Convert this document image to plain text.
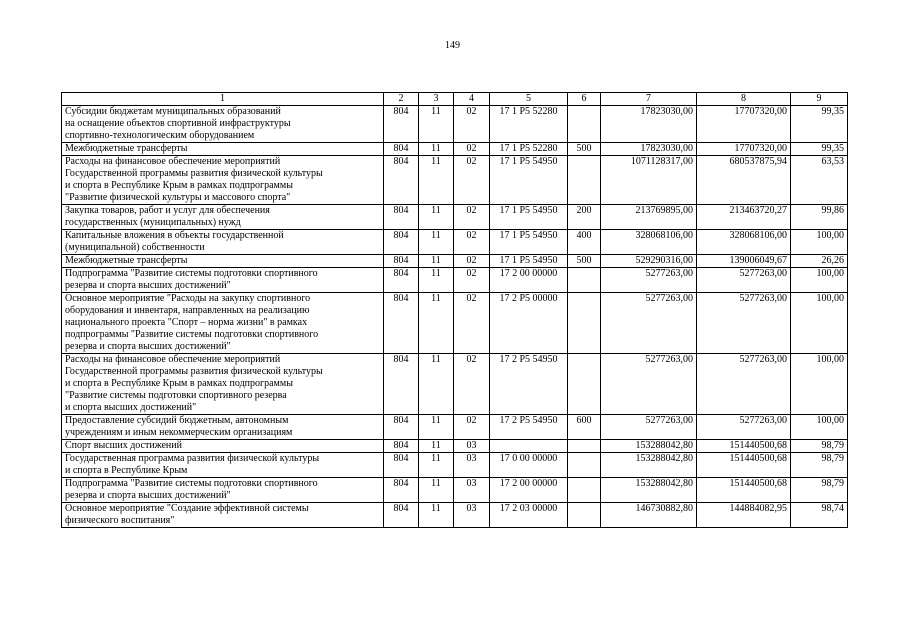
149
1	2	3	4	5	6	7	8	9
Субсидии бюджетам муниципальных образований
на оснащение объектов спортивной инфраструктуры
спортивно-технологическим оборудованием	804	11	02	17 1 P5 52280		17823030,00	17707320,00	99,35
Межбюджетные трансферты	804	11	02	17 1 P5 52280	500	17823030,00	17707320,00	99,35
Расходы на финансовое обеспечение мероприятий
Государственной программы развития физической культуры
и спорта в Республике Крым в рамках подпрограммы
"Развитие физической культуры и массового спорта"	804	11	02	17 1 P5 54950		1071128317,00	680537875,94	63,53
Закупка товаров, работ и услуг для обеспечения
государственных (муниципальных) нужд	804	11	02	17 1 P5 54950	200	213769895,00	213463720,27	99,86
Капитальные вложения в объекты государственной
(муниципальной) собственности	804	11	02	17 1 P5 54950	400	328068106,00	328068106,00	100,00
Межбюджетные трансферты	804	11	02	17 1 P5 54950	500	529290316,00	139006049,67	26,26
Подпрограмма "Развитие системы подготовки спортивного
резерва и спорта высших достижений"	804	11	02	17 2 00 00000		5277263,00	5277263,00	100,00
Основное мероприятие "Расходы на закупку спортивного
оборудования и инвентаря, направленных на реализацию
национального проекта "Спорт – норма жизни" в рамках
подпрограммы "Развитие системы подготовки спортивного
резерва и спорта высших достижений"	804	11	02	17 2 P5 00000		5277263,00	5277263,00	100,00
Расходы на финансовое обеспечение мероприятий
Государственной программы развития физической культуры
и спорта в Республике Крым в рамках подпрограммы
"Развитие системы подготовки спортивного резерва
и спорта высших достижений"	804	11	02	17 2 P5 54950		5277263,00	5277263,00	100,00
Предоставление субсидий бюджетным, автономным
учреждениям и иным некоммерческим организациям	804	11	02	17 2 P5 54950	600	5277263,00	5277263,00	100,00
Спорт высших достижений	804	11	03			153288042,80	151440500,68	98,79
Государственная программа развития физической культуры
и спорта в Республике Крым	804	11	03	17 0 00 00000		153288042,80	151440500,68	98,79
Подпрограмма "Развитие системы подготовки спортивного
резерва и спорта высших достижений"	804	11	03	17 2 00 00000		153288042,80	151440500,68	98,79
Основное мероприятие "Создание эффективной системы
физического воспитания"	804	11	03	17 2 03 00000		146730882,80	144884082,95	98,74
